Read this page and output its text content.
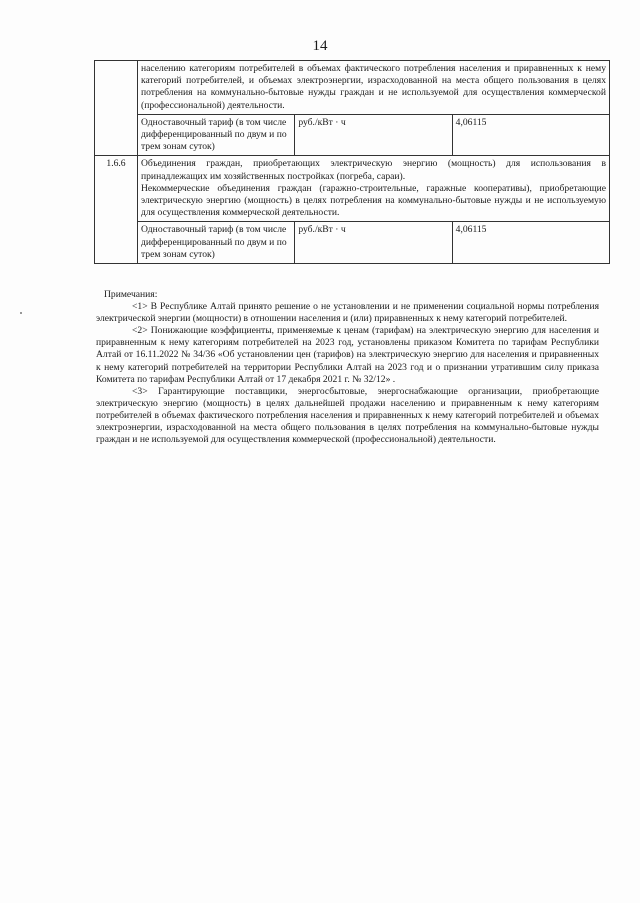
14
	населению категориям потребителей в объемах фактического потребления населения и приравненных к нему категорий потребителей, и объемах электроэнергии, израсходованной на места общего пользования в целях потребления на коммунально-бытовые нужды граждан и не используемой для осуществления коммерческой (профессиональной) деятельности.		
	Одноставочный тариф (в том числе дифференцированный по двум и по трем зонам суток)	руб./кВт · ч	4,06115
1.6.6	Объединения граждан, приобретающих электрическую энергию (мощность) для использования в принадлежащих им хозяйственных постройках (погреба, сараи).
Некоммерческие объединения граждан (гаражно-строительные, гаражные кооперативы), приобретающие электрическую энергию (мощность) в целях потребления на коммунально-бытовые нужды и не используемую для осуществления коммерческой деятельности.		

	Одноставочный тариф (в том числе дифференцированный по двум и по трем зонам суток)	руб./кВт · ч	4,06115

Примечания:

<1> В Республике Алтай принято решение о не установлении и не применении социальной нормы потребления электрической энергии (мощности) в отношении населения и (или) приравненных к нему категорий потребителей.

<2> Понижающие коэффициенты, применяемые к ценам (тарифам) на электрическую энергию для населения и приравненным к нему категориям потребителей на 2023 год, установлены приказом Комитета по тарифам Республики Алтай от 16.11.2022 № 34/36 «Об установлении цен (тарифов) на электрическую энергию для населения и приравненных к нему категорий потребителей на территории Республики Алтай на 2023 год и о признании утратившим силу приказа Комитета по тарифам Республики Алтай от 17 декабря 2021 г. № 32/12» .

<3> Гарантирующие поставщики, энергосбытовые, энергоснабжающие организации, приобретающие электрическую энергию (мощность) в целях дальнейшей продажи населению и приравненным к нему категориям потребителей в объемах фактического потребления населения и приравненных к нему категорий потребителей и объемах электроэнергии, израсходованной на места общего пользования в целях потребления на коммунально-бытовые нужды граждан и не используемой для осуществления коммерческой (профессиональной) деятельности.
